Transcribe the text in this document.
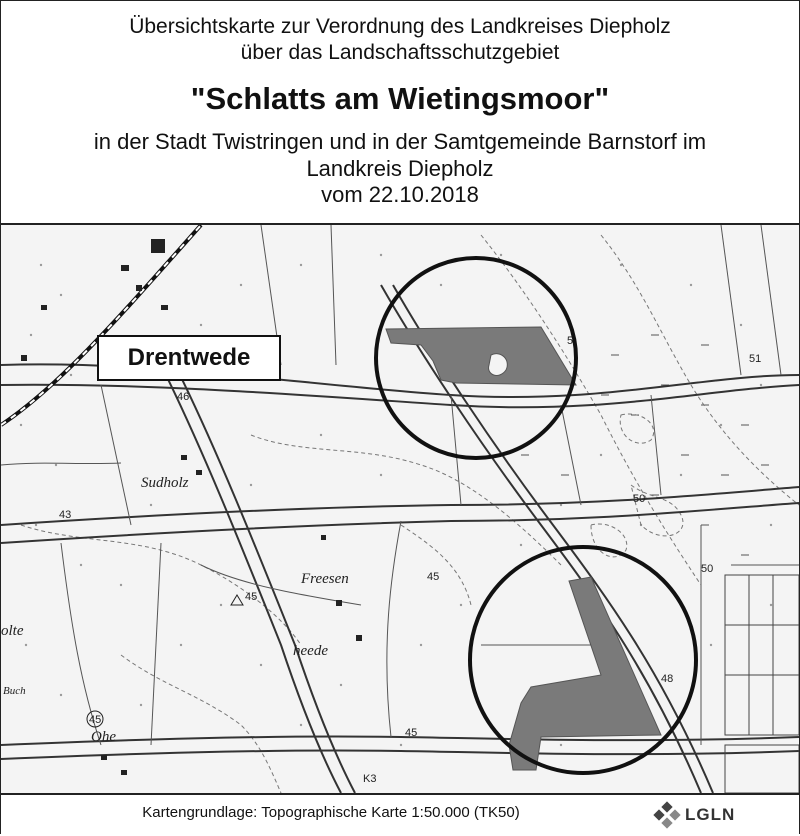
Übersichtskarte zur Verordnung des Landkreises Diepholz
über das Landschaftsschutzgebiet
"Schlatts am Wietingsmoor"
in der Stadt Twistringen und in der Samtgemeinde Barnstorf im
Landkreis Diepholz
vom 22.10.2018
Drentwede
Sudholz
Freesen
heede
olte
Ohe
Buch
46
43
45
45
45
45
48
50
50
51
5
K3
Kartengrundlage: Topographische Karte 1:50.000 (TK50)	LGLN
